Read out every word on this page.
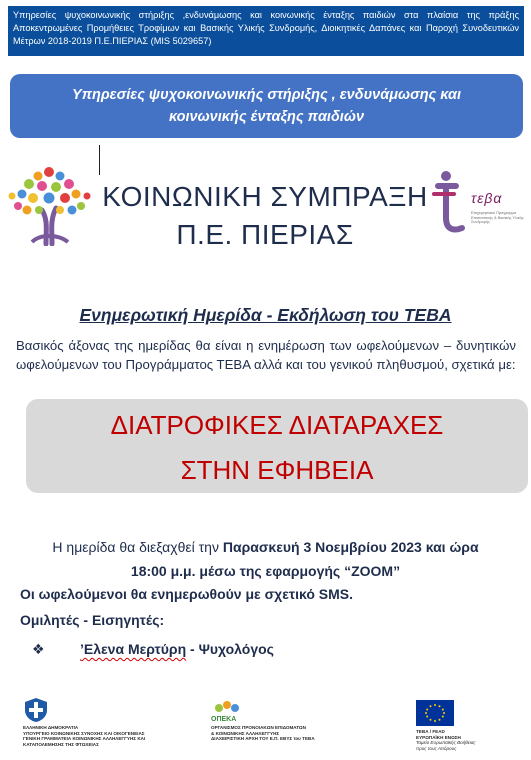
Υπηρεσίες ψυχοκοινωνικής στήριξης ,ενδυνάμωσης και κοινωνικής ένταξης παιδιών στα πλαίσια της πράξης Αποκεντρωμένες Προμήθειες Τροφίμων και Βασικής Υλικής Συνδρομής, Διοικητικές Δαπάνες και Παροχή Συνοδευτικών Μέτρων 2018-2019 Π.Ε.ΠΙΕΡΙΑΣ (MIS 5029657)
Υπηρεσίες ψυχοκοινωνικής στήριξης , ενδυνάμωσης και
κοινωνικής ένταξης παιδιών
ΚΟΙΝΩΝΙΚΗ ΣΥΜΠΡΑΞΗ
Π.Ε. ΠΙΕΡΙΑΣ
τεβα
Επιχειρησιακό Πρόγραμμα Επισιτιστικής & Βασικής Υλικής Συνδρομής
Ενημερωτική Ημερίδα - Εκδήλωση του ΤΕΒΑ
Βασικός άξονας της ημερίδας θα είναι η ενημέρωση των ωφελούμενων – δυνητικών ωφελούμενων του Προγράμματος ΤΕΒΑ αλλά και του γενικού πληθυσμού, σχετικά με:
ΔΙΑΤΡΟΦΙΚΕΣ ΔΙΑΤΑΡΑΧΕΣ
ΣΤΗΝ ΕΦΗΒΕΙΑ
Η ημερίδα θα διεξαχθεί την Παρασκευή 3 Νοεμβρίου 2023 και ώρα
18:00 μ.μ. μέσω της εφαρμογής “ZOOM”
Οι ωφελούμενοι θα ενημερωθούν με σχετικό SMS.
Ομιλητές - Εισηγητές:
❖	’Ελενα Μερτύρη - Ψυχολόγος
ΕΛΛΗΝΙΚΗ ΔΗΜΟΚΡΑΤΙΑ
ΥΠΟΥΡΓΕΙΟ ΚΟΙΝΩΝΙΚΗΣ ΣΥΝΟΧΗΣ ΚΑΙ ΟΙΚΟΓΕΝΕΙΑΣ
ΓΕΝΙΚΗ ΓΡΑΜΜΑΤΕΙΑ ΚΟΙΝΩΝΙΚΗΣ ΑΛΛΗΛΕΓΓΥΗΣ ΚΑΙ
ΚΑΤΑΠΟΛΕΜΗΣΗΣ ΤΗΣ ΦΤΩΧΕΙΑΣ
ΟΠΕΚΑ
ΟΡΓΑΝΙΣΜΟΣ ΠΡΟΝΟΙΑΚΩΝ ΕΠΙΔΟΜΑΤΩΝ
& ΚΟΙΝΩΝΙΚΗΣ ΑΛΛΗΛΕΓΓΥΗΣ
ΔΙΑΧΕΙΡΙΣΤΙΚΗ ΑΡΧΗ ΤΟΥ Ε.Π. ΕΒΥΣ του ΤΕΒΑ
ΤΕΒΑ / FEAD
ΕΥΡΩΠΑΪΚΗ ΕΝΩΣΗ
Ταμείο Ευρωπαϊκής Βοήθειας
προς τους Απόρους
